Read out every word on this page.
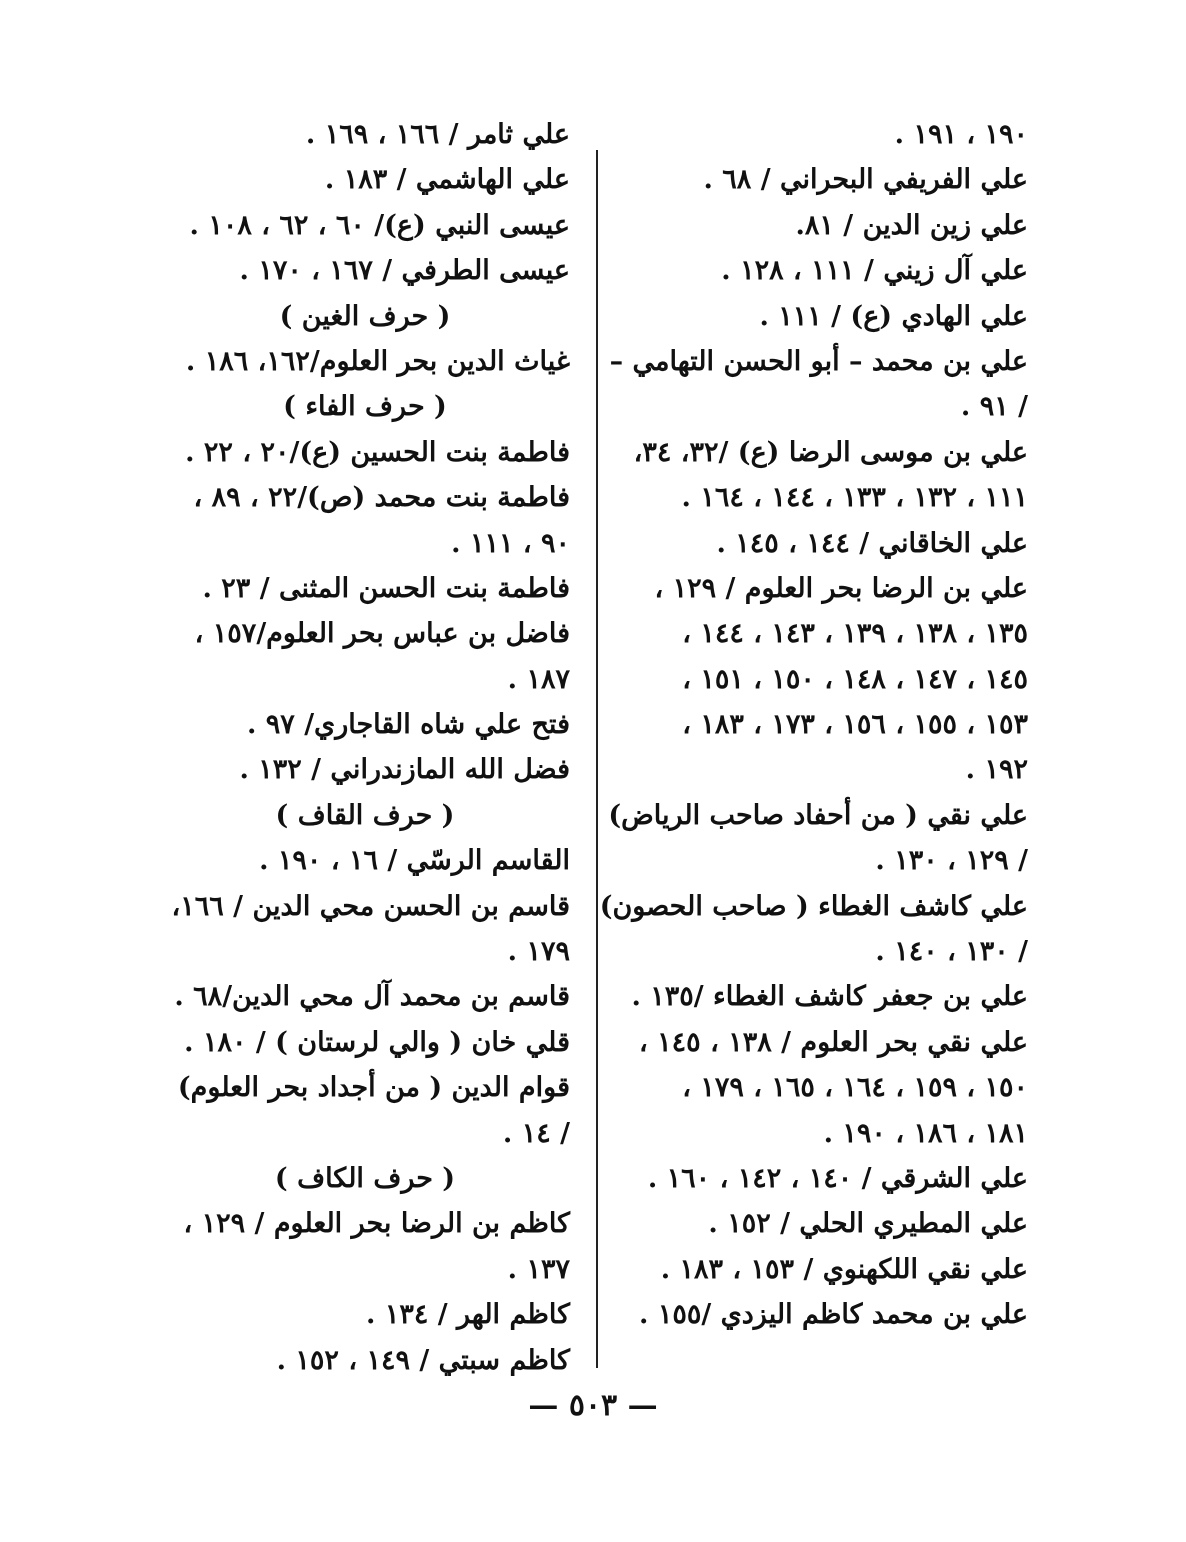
١٩٠ ، ١٩١ .
علي الفريفي البحراني / ٦٨ .
علي زين الدين / ٨١.
علي آل زيني / ١١١ ، ١٢٨ .
علي الهادي (ع) / ١١١ .
علي بن محمد – أبو الحسن التهامي –
/ ٩١ .
علي بن موسى الرضا (ع) /٣٢، ٣٤،
١١١ ، ١٣٢ ، ١٣٣ ، ١٤٤ ، ١٦٤ .
علي الخاقاني / ١٤٤ ، ١٤٥ .
علي بن الرضا بحر العلوم / ١٢٩ ،
١٣٥ ، ١٣٨ ، ١٣٩ ، ١٤٣ ، ١٤٤ ،
١٤٥ ، ١٤٧ ، ١٤٨ ، ١٥٠ ، ١٥١ ،
١٥٣ ، ١٥٥ ، ١٥٦ ، ١٧٣ ، ١٨٣ ،
١٩٢ .
علي نقي ( من أحفاد صاحب الرياض)
/ ١٢٩ ، ١٣٠ .
علي كاشف الغطاء ( صاحب الحصون)
/ ١٣٠ ، ١٤٠ .
علي بن جعفر كاشف الغطاء /١٣٥ .
علي نقي بحر العلوم / ١٣٨ ، ١٤٥ ،
١٥٠ ، ١٥٩ ، ١٦٤ ، ١٦٥ ، ١٧٩ ،
١٨١ ، ١٨٦ ، ١٩٠ .
علي الشرقي / ١٤٠ ، ١٤٢ ، ١٦٠ .
علي المطيري الحلي / ١٥٢ .
علي نقي اللكهنوي / ١٥٣ ، ١٨٣ .
علي بن محمد كاظم اليزدي /١٥٥ .
علي ثامر / ١٦٦ ، ١٦٩ .
علي الهاشمي / ١٨٣ .
عيسى النبي (ع)/ ٦٠ ، ٦٢ ، ١٠٨ .
عيسى الطرفي / ١٦٧ ، ١٧٠ .
( حرف الغين )
غياث الدين بحر العلوم/١٦٢، ١٨٦ .
( حرف الفاء )
فاطمة بنت الحسين (ع)/٢٠ ، ٢٢ .
فاطمة بنت محمد (ص)/٢٢ ، ٨٩ ،
٩٠ ، ١١١ .
فاطمة بنت الحسن المثنى / ٢٣ .
فاضل بن عباس بحر العلوم/١٥٧ ،
١٨٧ .
فتح علي شاه القاجاري/ ٩٧ .
فضل الله المازندراني / ١٣٢ .
( حرف القاف )
القاسم الرسّي / ١٦ ، ١٩٠ .
قاسم بن الحسن محي الدين / ١٦٦،
١٧٩ .
قاسم بن محمد آل محي الدين/٦٨ .
قلي خان ( والي لرستان ) / ١٨٠ .
قوام الدين ( من أجداد بحر العلوم)
/ ١٤ .
( حرف الكاف )
كاظم بن الرضا بحر العلوم / ١٢٩ ،
١٣٧ .
كاظم الهر / ١٣٤ .
كاظم سبتي / ١٤٩ ، ١٥٢ .
— ٥٠٣ —
